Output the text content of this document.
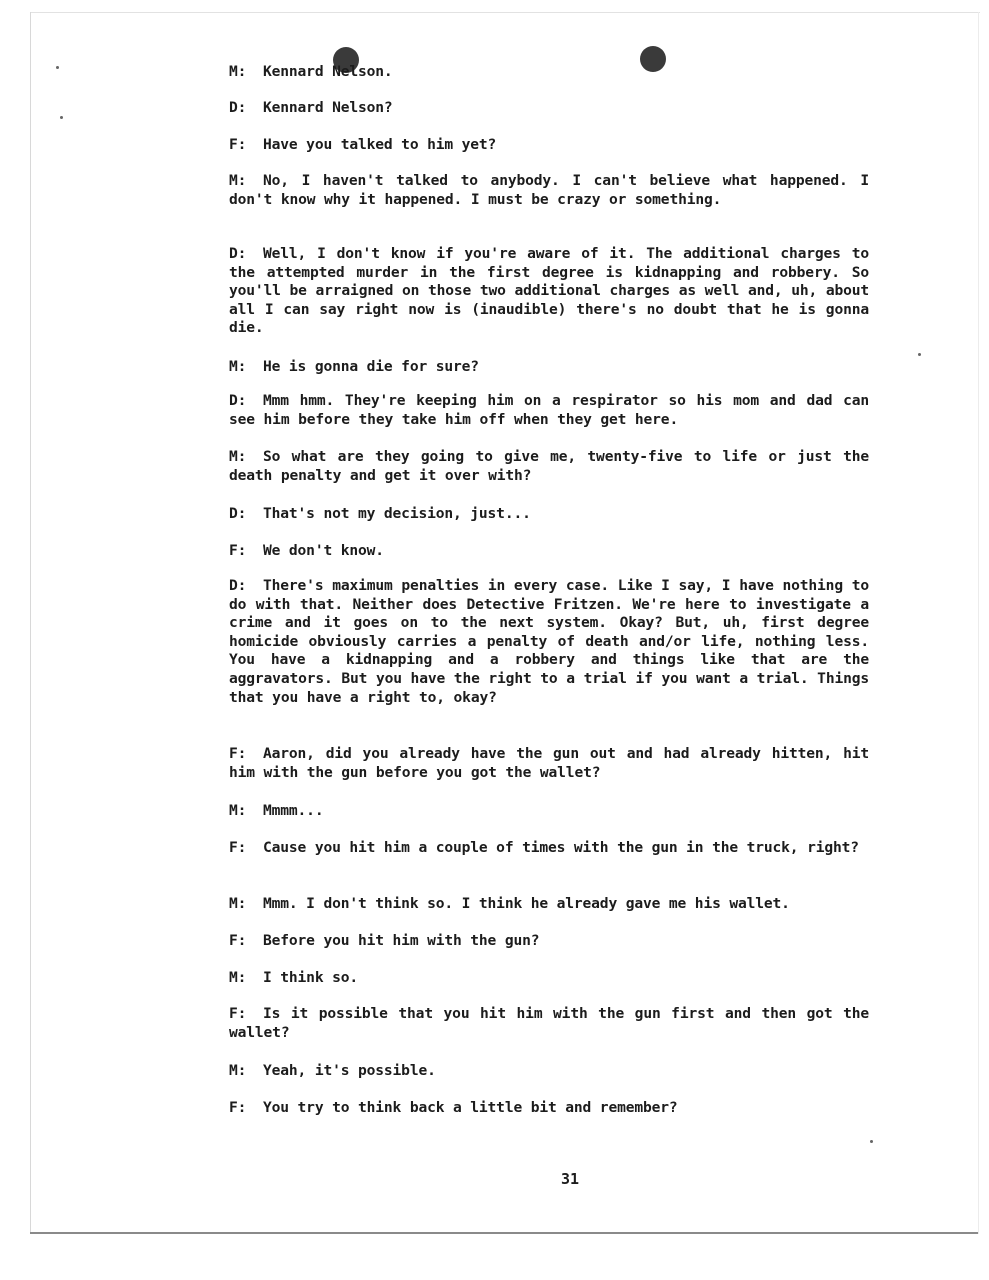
M: Kennard Nelson.
D: Kennard Nelson?
F: Have you talked to him yet?
M: No, I haven't talked to anybody. I can't believe what happened. I don't know why it happened. I must be crazy or something.
D: Well, I don't know if you're aware of it. The additional charges to the attempted murder in the first degree is kidnapping and robbery. So you'll be arraigned on those two additional charges as well and, uh, about all I can say right now is (inaudible) there's no doubt that he is gonna die.
M: He is gonna die for sure?
D: Mmm hmm. They're keeping him on a respirator so his mom and dad can see him before they take him off when they get here.
M: So what are they going to give me, twenty-five to life or just the death penalty and get it over with?
D: That's not my decision, just...
F: We don't know.
D: There's maximum penalties in every case. Like I say, I have nothing to do with that. Neither does Detective Fritzen. We're here to investigate a crime and it goes on to the next system. Okay? But, uh, first degree homicide obviously carries a penalty of death and/or life, nothing less. You have a kidnapping and a robbery and things like that are the aggravators. But you have the right to a trial if you want a trial. Things that you have a right to, okay?
F: Aaron, did you already have the gun out and had already hitten, hit him with the gun before you got the wallet?
M: Mmmm...
F: Cause you hit him a couple of times with the gun in the truck, right?
M: Mmm. I don't think so. I think he already gave me his wallet.
F: Before you hit him with the gun?
M: I think so.
F: Is it possible that you hit him with the gun first and then got the wallet?
M: Yeah, it's possible.
F: You try to think back a little bit and remember?
31
